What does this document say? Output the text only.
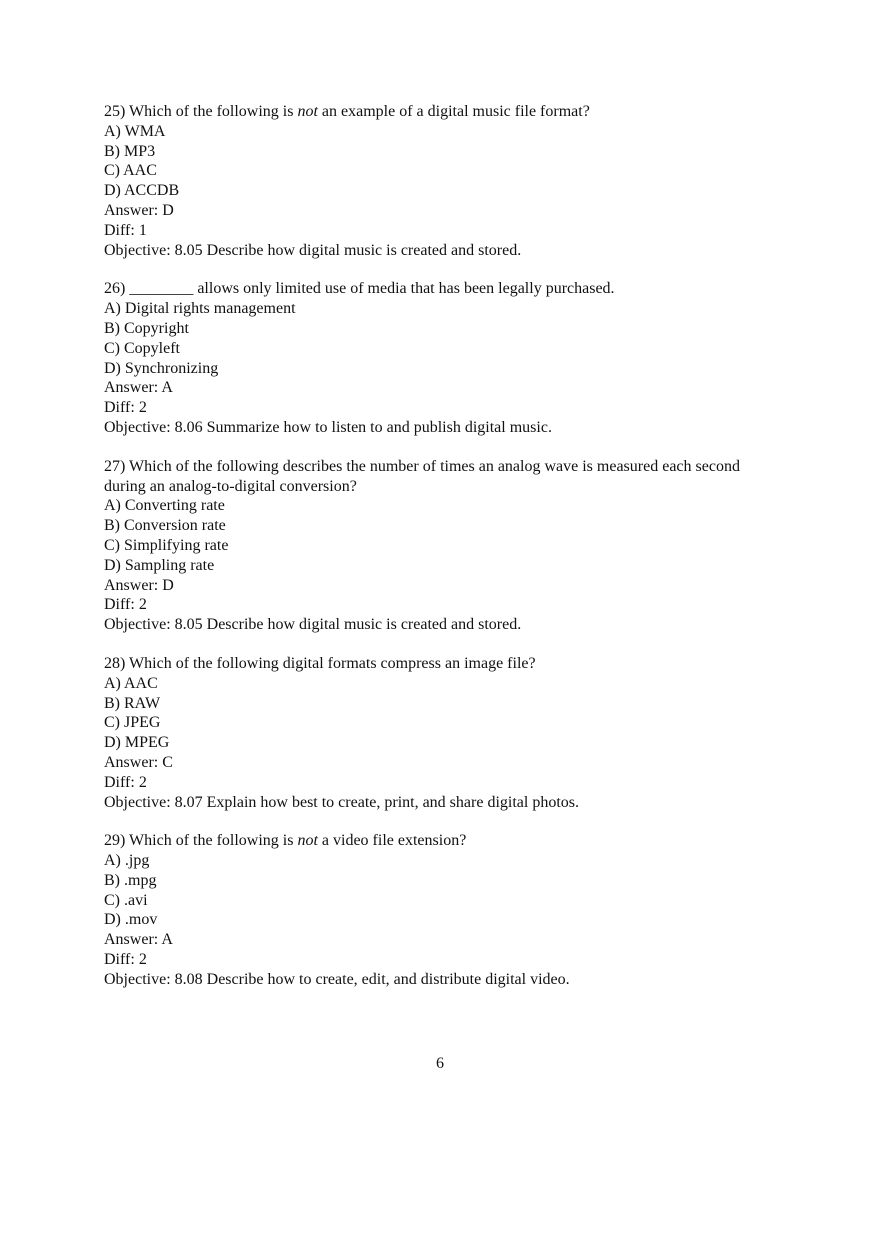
25) Which of the following is not an example of a digital music file format?
A) WMA
B) MP3
C) AAC
D) ACCDB
Answer: D
Diff: 1
Objective: 8.05 Describe how digital music is created and stored.
26) ________ allows only limited use of media that has been legally purchased.
A) Digital rights management
B) Copyright
C) Copyleft
D) Synchronizing
Answer: A
Diff: 2
Objective: 8.06 Summarize how to listen to and publish digital music.
27) Which of the following describes the number of times an analog wave is measured each second during an analog-to-digital conversion?
A) Converting rate
B) Conversion rate
C) Simplifying rate
D) Sampling rate
Answer: D
Diff: 2
Objective: 8.05 Describe how digital music is created and stored.
28) Which of the following digital formats compress an image file?
A) AAC
B) RAW
C) JPEG
D) MPEG
Answer: C
Diff: 2
Objective: 8.07 Explain how best to create, print, and share digital photos.
29) Which of the following is not a video file extension?
A) .jpg
B) .mpg
C) .avi
D) .mov
Answer: A
Diff: 2
Objective: 8.08 Describe how to create, edit, and distribute digital video.
6
